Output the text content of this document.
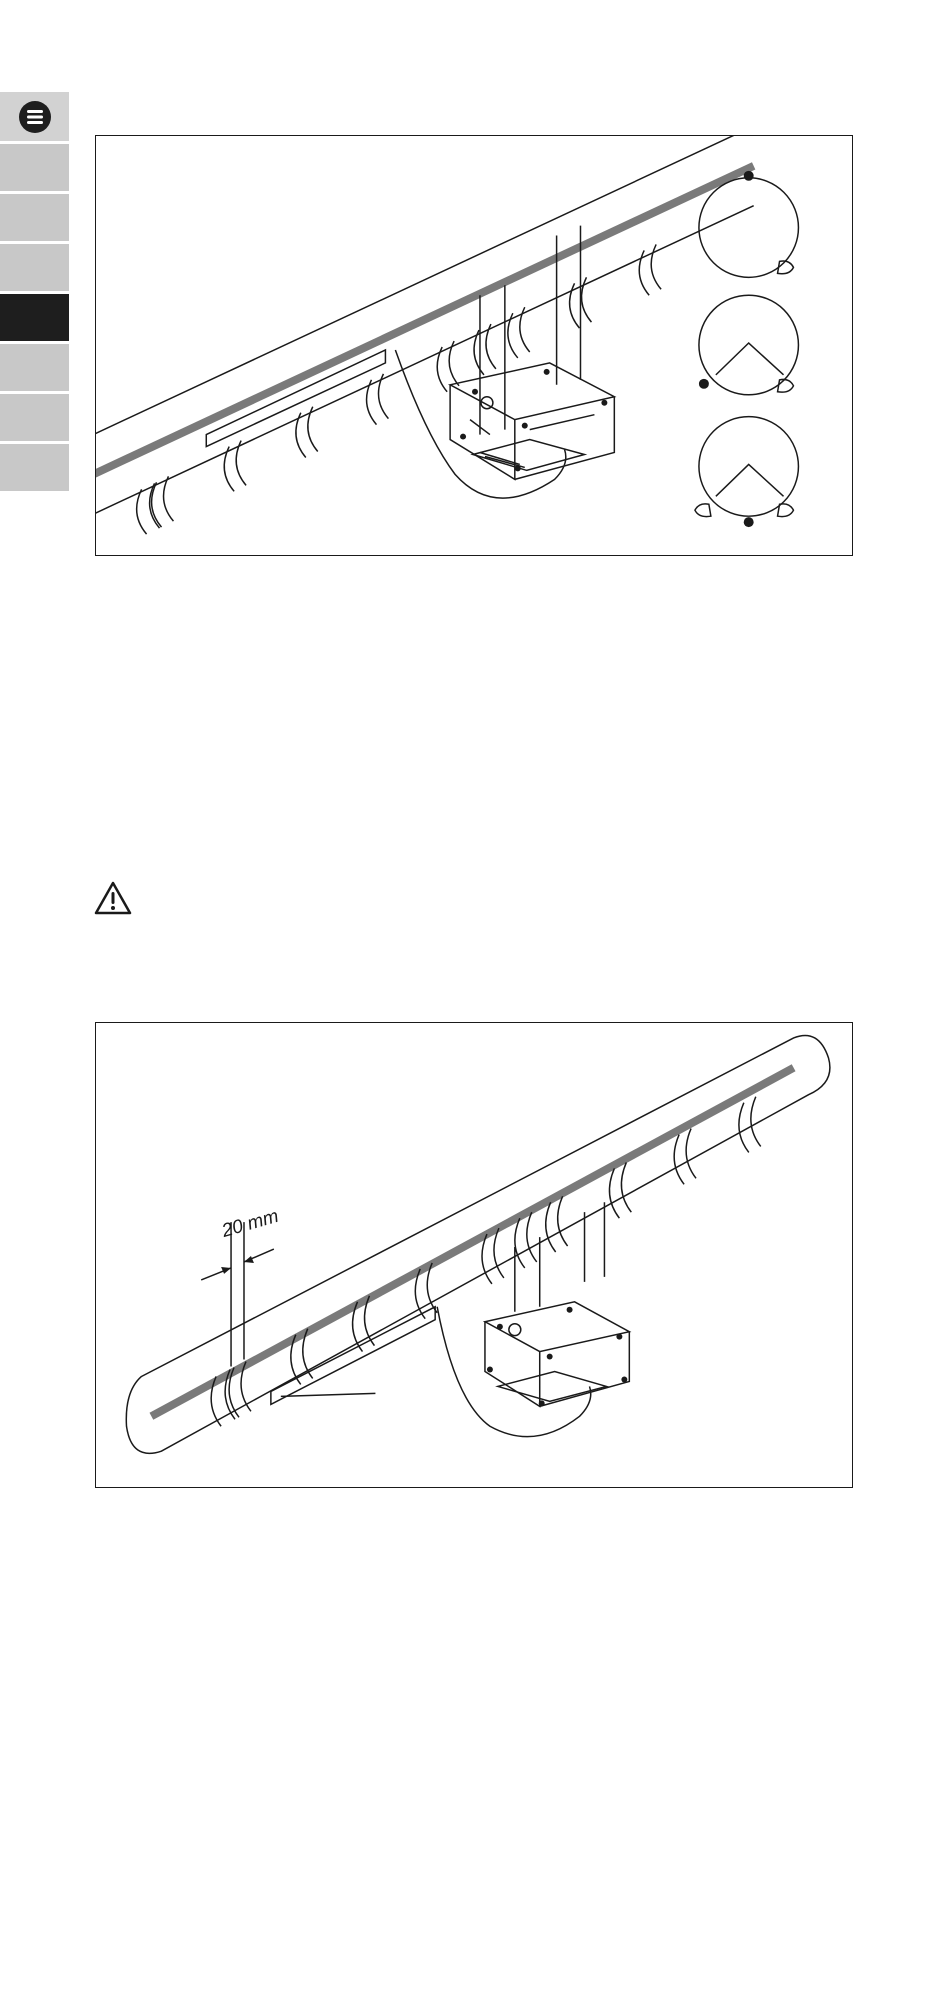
20 mm
